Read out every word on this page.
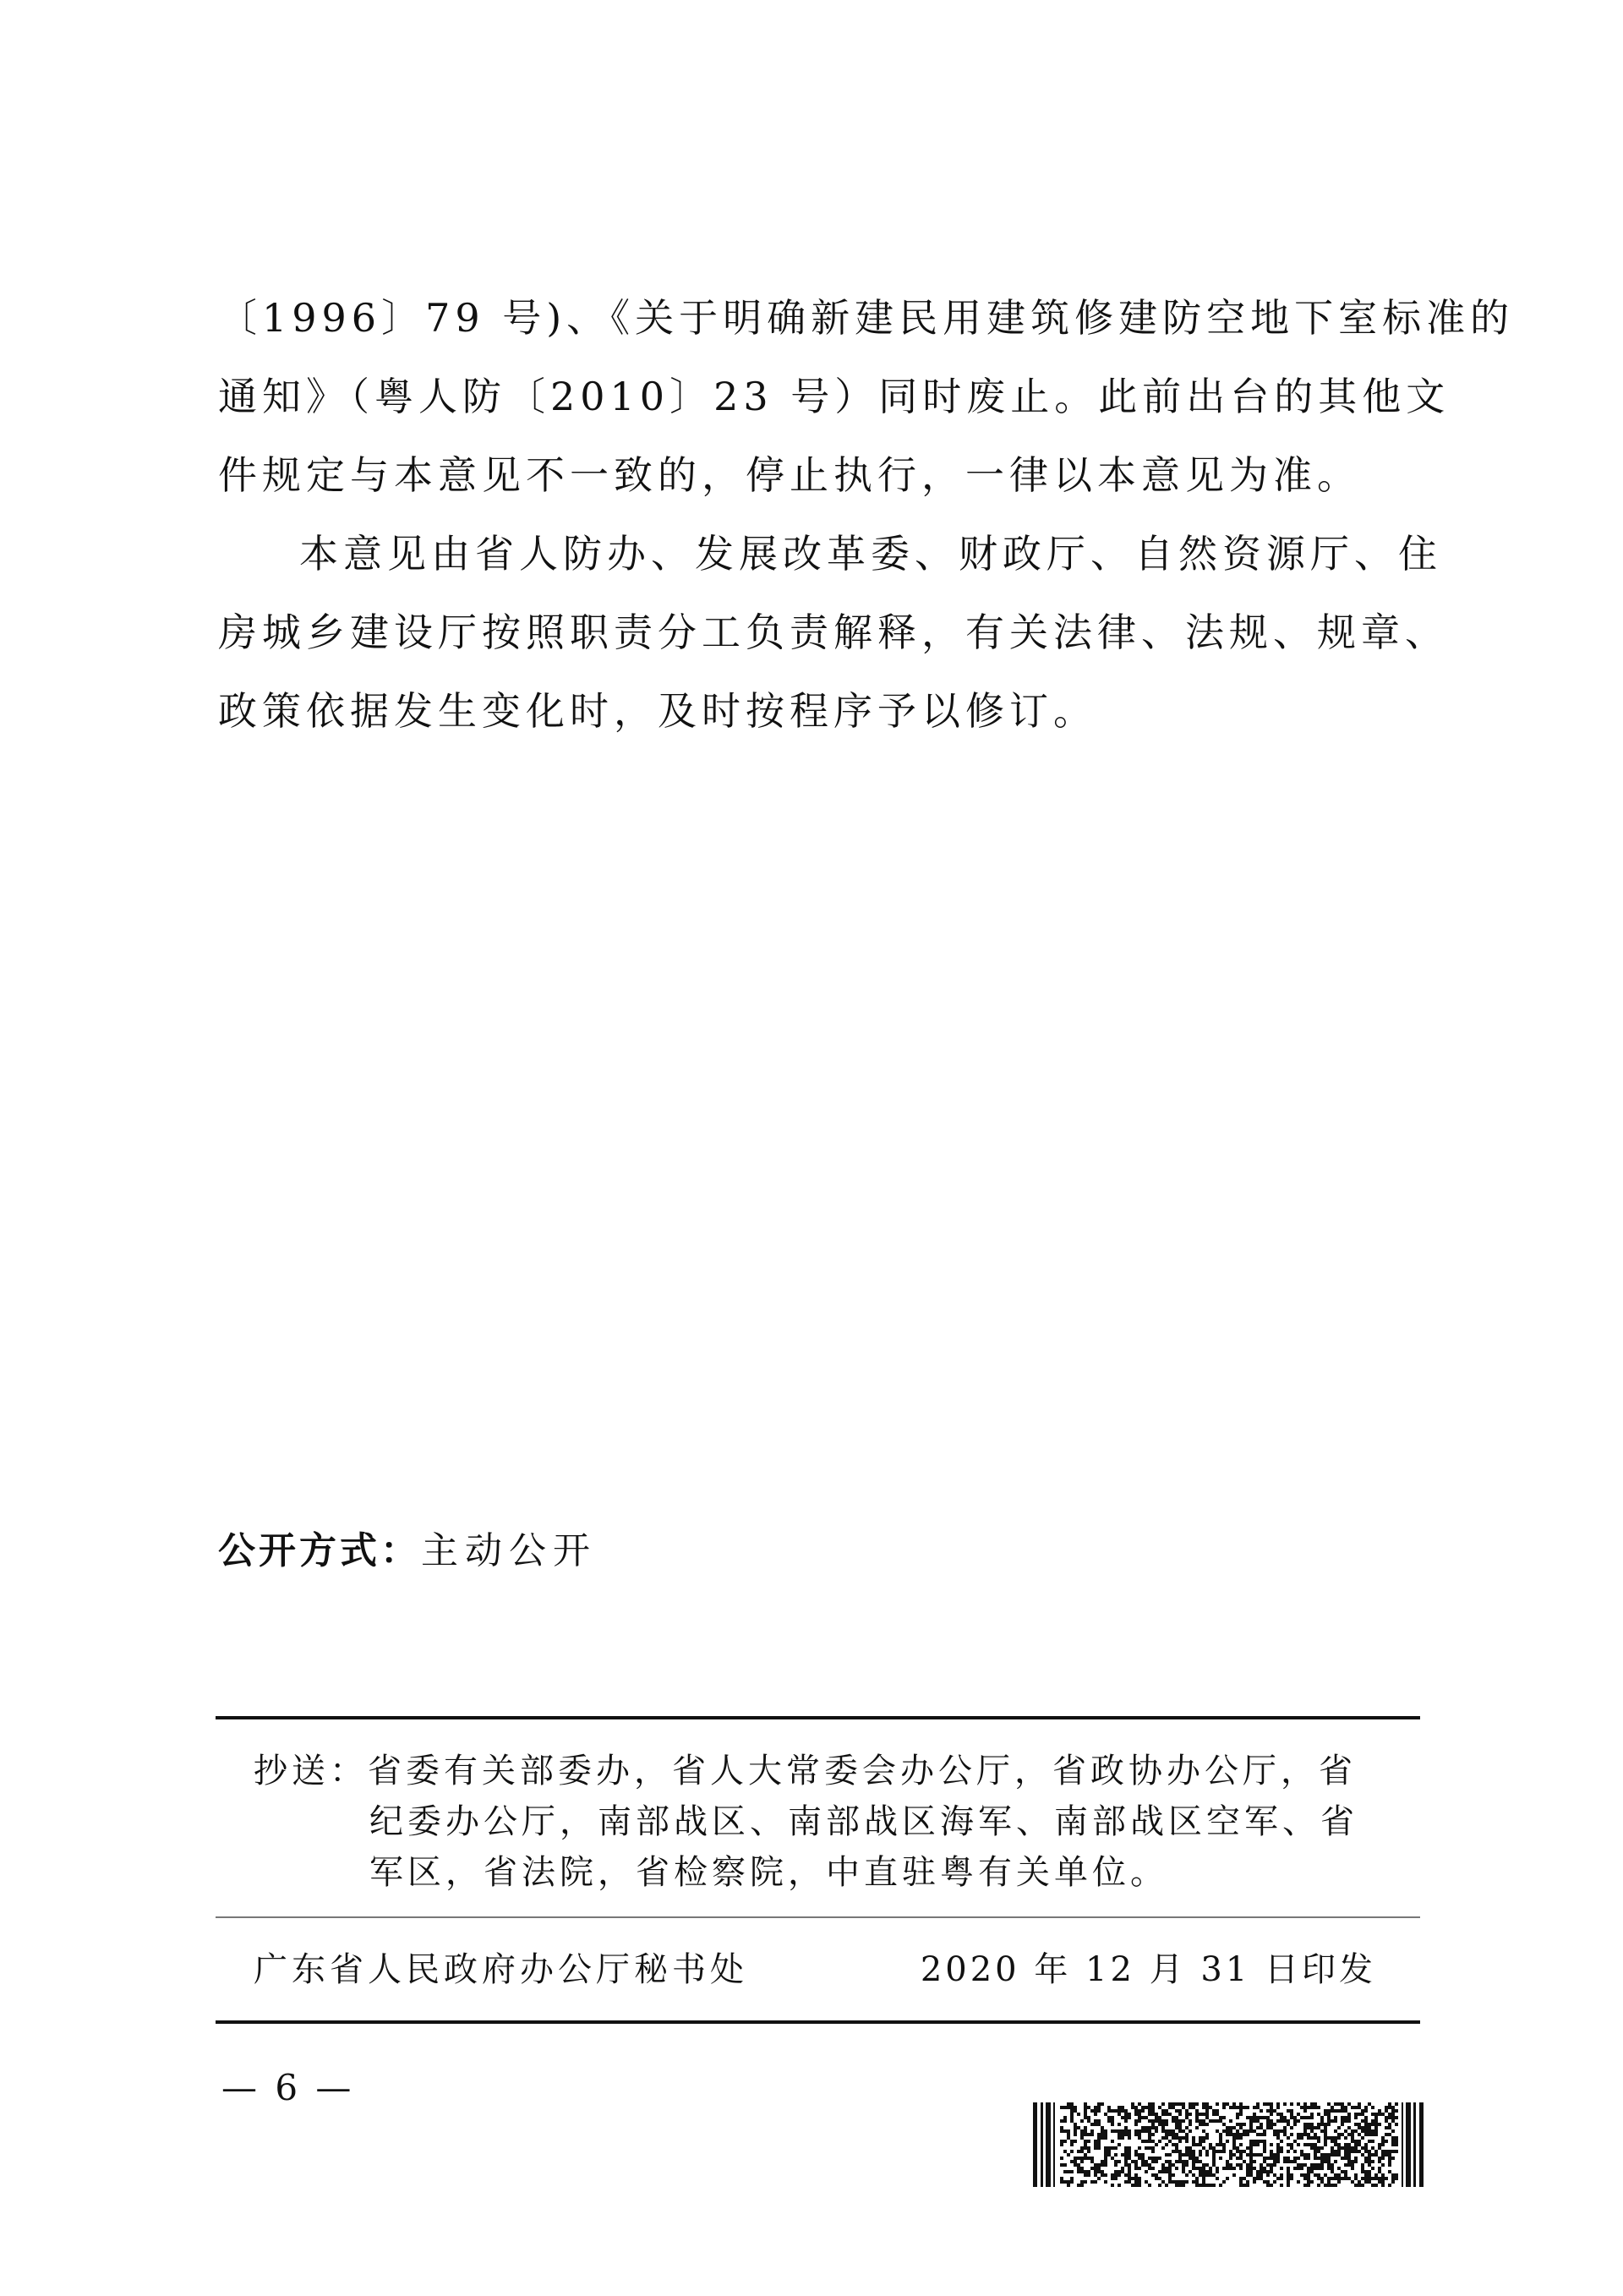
〔1996〕79 号)、《关于明确新建民用建筑修建防空地下室标准的
通知》（粤人防〔2010〕23 号）同时废止。此前出台的其他文
件规定与本意见不一致的，停止执行，一律以本意见为准。
本意见由省人防办、发展改革委、财政厅、自然资源厅、住
房城乡建设厅按照职责分工负责解释，有关法律、法规、规章、
政策依据发生变化时，及时按程序予以修订。
公开方式：主动公开
抄送：省委有关部委办，省人大常委会办公厅，省政协办公厅，省
纪委办公厅，南部战区、南部战区海军、南部战区空军、省
军区，省法院，省检察院，中直驻粤有关单位。
广东省人民政府办公厅秘书处	2020 年 12 月 31 日印发
— 6 —
